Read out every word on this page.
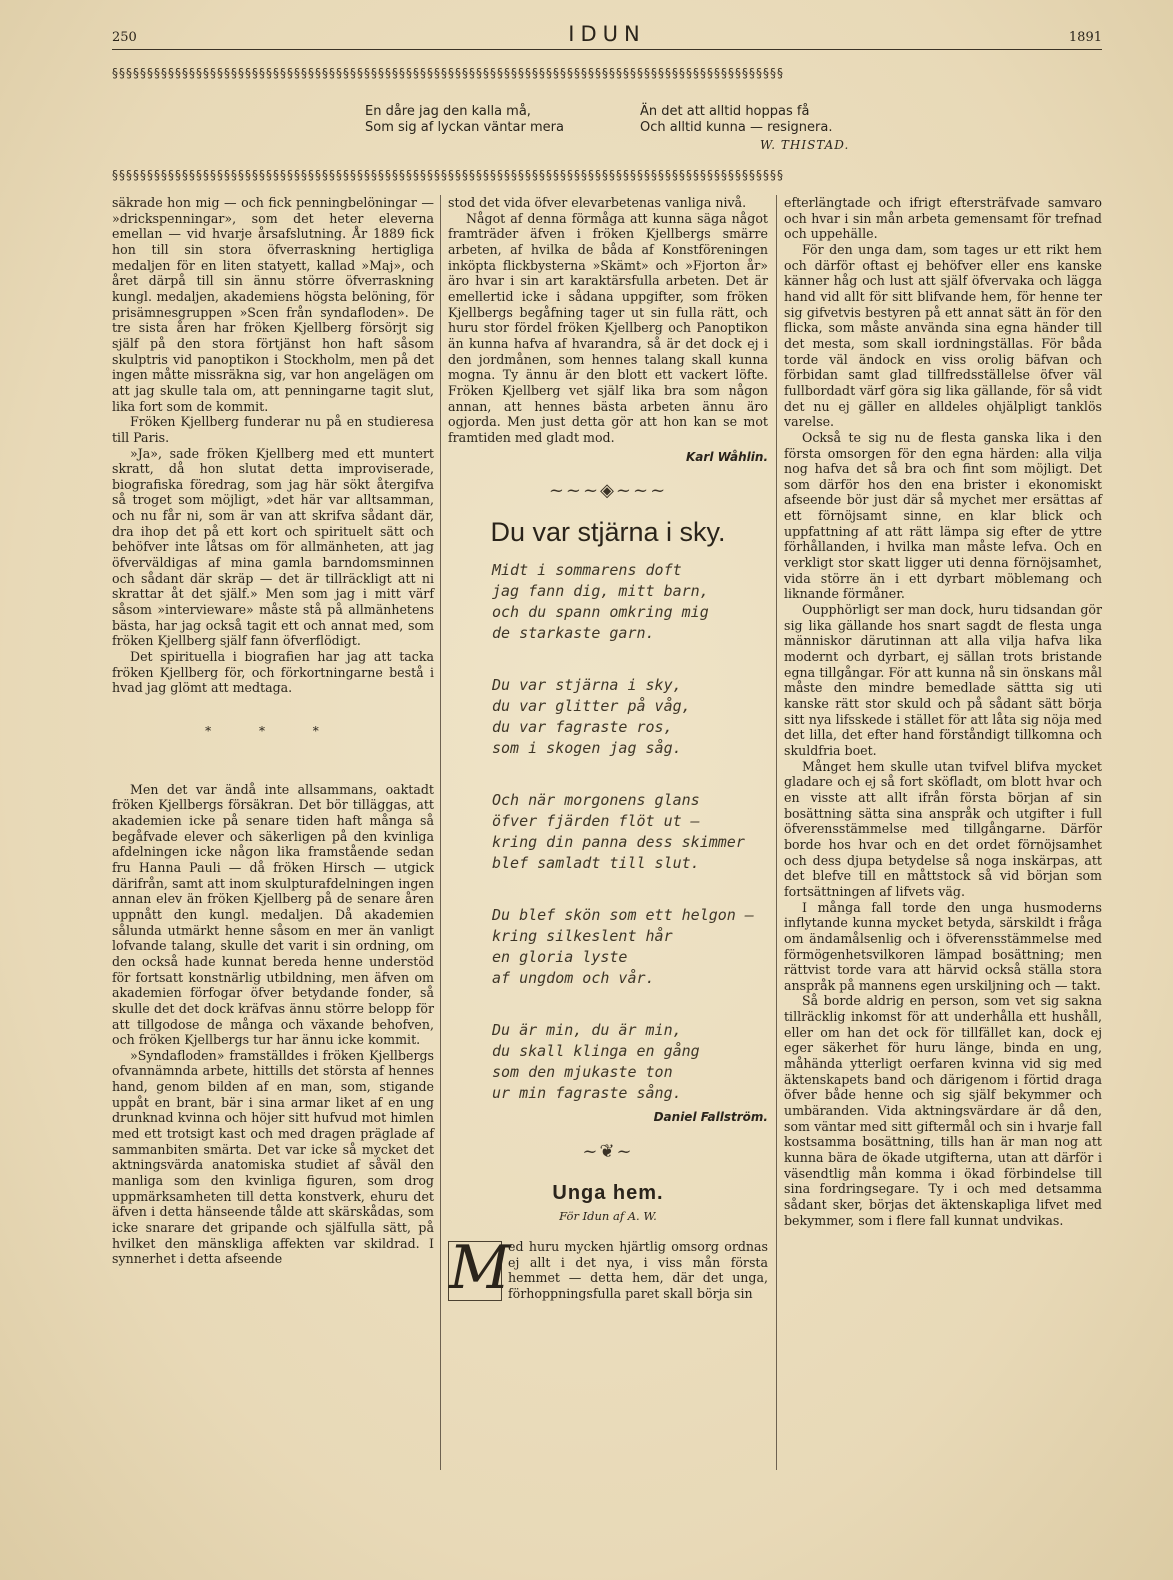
250	IDUN	1891
§§§§§§§§§§§§§§§§§§§§§§§§§§§§§§§§§§§§§§§§§§§§§§§§§§§§§§§§§§§§§§§§§§§§§§§§§§§§§§§§§§§§§§§§§§§§§§§§
En dåre jag den kalla må,
Som sig af lyckan väntar mera
Än det att alltid hoppas få
Och alltid kunna — resignera.
W. THISTAD.
§§§§§§§§§§§§§§§§§§§§§§§§§§§§§§§§§§§§§§§§§§§§§§§§§§§§§§§§§§§§§§§§§§§§§§§§§§§§§§§§§§§§§§§§§§§§§§§§

säkrade hon mig — och fick penningbelöningar — »drickspenningar», som det heter eleverna emellan — vid hvarje årsafslutning. År 1889 fick hon till sin stora öfverraskning hertigliga medaljen för en liten statyett, kallad »Maj», och året därpå till sin ännu större öfverraskning kungl. medaljen, akademiens högsta belöning, för prisämnesgruppen »Scen från syndafloden». De tre sista åren har fröken Kjellberg försörjt sig själf på den stora förtjänst hon haft såsom skulptris vid panoptikon i Stockholm, men på det ingen måtte missräkna sig, var hon angelägen om att jag skulle tala om, att penningarne tagit slut, lika fort som de kommit.

Fröken Kjellberg funderar nu på en studieresa till Paris.

»Ja», sade fröken Kjellberg med ett muntert skratt, då hon slutat detta improviserade, biografiska föredrag, som jag här sökt återgifva så troget som möjligt, »det här var alltsamman, och nu får ni, som är van att skrifva sådant där, dra ihop det på ett kort och spirituelt sätt och behöfver inte låtsas om för allmänheten, att jag öfverväldigas af mina gamla barndomsminnen och sådant där skräp — det är tillräckligt att ni skrattar åt det själf.» Men som jag i mitt värf såsom »intervieware» måste stå på allmänhetens bästa, har jag också tagit ett och annat med, som fröken Kjellberg själf fann öfverflödigt.

Det spirituella i biografien har jag att tacka fröken Kjellberg för, och förkortningarne bestå i hvad jag glömt att medtaga.

* * *

Men det var ändå inte allsammans, oaktadt fröken Kjellbergs försäkran. Det bör tilläggas, att akademien icke på senare tiden haft många så begåfvade elever och säkerligen på den kvinliga afdelningen icke någon lika framstående sedan fru Hanna Pauli — då fröken Hirsch — utgick därifrån, samt att inom skulpturafdelningen ingen annan elev än fröken Kjellberg på de senare åren uppnått den kungl. medaljen. Då akademien sålunda utmärkt henne såsom en mer än vanligt lofvande talang, skulle det varit i sin ordning, om den också hade kunnat bereda henne understöd för fortsatt konstnärlig utbildning, men äfven om akademien förfogar öfver betydande fonder, så skulle det det dock kräfvas ännu större belopp för att tillgodose de många och växande behofven, och fröken Kjellbergs tur har ännu icke kommit.

»Syndafloden» framställdes i fröken Kjellbergs ofvannämnda arbete, hittills det största af hennes hand, genom bilden af en man, som, stigande uppåt en brant, bär i sina armar liket af en ung drunknad kvinna och höjer sitt hufvud mot himlen med ett trotsigt kast och med dragen präglade af sammanbiten smärta. Det var icke så mycket det aktningsvärda anatomiska studiet af såväl den manliga som den kvinliga figuren, som drog uppmärksamheten till detta konstverk, ehuru det äfven i detta hänseende tålde att skärskådas, som icke snarare det gripande och själfulla sätt, på hvilket den mänskliga affekten var skildrad. I synnerhet i detta afseende

stod det vida öfver elevarbetenas vanliga nivå.

Något af denna förmåga att kunna säga något framträder äfven i fröken Kjellbergs smärre arbeten, af hvilka de båda af Konstföreningen inköpta flickbysterna »Skämt» och »Fjorton år» äro hvar i sin art karaktärsfulla arbeten. Det är emellertid icke i sådana uppgifter, som fröken Kjellbergs begåfning tager ut sin fulla rätt, och huru stor fördel fröken Kjellberg och Panoptikon än kunna hafva af hvarandra, så är det dock ej i den jordmånen, som hennes talang skall kunna mogna. Ty ännu är den blott ett vackert löfte. Fröken Kjellberg vet själf lika bra som någon annan, att hennes bästa arbeten ännu äro ogjorda. Men just detta gör att hon kan se mot framtiden med gladt mod.

Karl Wåhlin.
~~~◈~~~
Du var stjärna i sky.
Midt i sommarens doft
jag fann dig, mitt barn,
och du spann omkring mig
de starkaste garn.
Du var stjärna i sky,
du var glitter på våg,
du var fagraste ros,
som i skogen jag såg.
Och när morgonens glans
öfver fjärden flöt ut —
kring din panna dess skimmer
blef samladt till slut.
Du blef skön som ett helgon —
kring silkeslent hår
en gloria lyste
af ungdom och vår.
Du är min, du är min,
du skall klinga en gång
som den mjukaste ton
ur min fagraste sång.
Daniel Fallström.
~❦~
Unga hem.
För Idun af A. W.

M
ed huru mycken hjärtlig omsorg ordnas ej allt i det nya, i viss mån första hemmet — detta hem, där det unga, förhoppningsfulla paret skall börja sin

efterlängtade och ifrigt eftersträfvade samvaro och hvar i sin mån arbeta gemensamt för trefnad och uppehälle.

För den unga dam, som tages ur ett rikt hem och därför oftast ej behöfver eller ens kanske känner håg och lust att själf öfvervaka och lägga hand vid allt för sitt blifvande hem, för henne ter sig gifvetvis bestyren på ett annat sätt än för den flicka, som måste använda sina egna händer till det mesta, som skall iordningställas. För båda torde väl ändock en viss orolig bäfvan och förbidan samt glad tillfredsställelse öfver väl fullbordadt värf göra sig lika gällande, för så vidt det nu ej gäller en alldeles ohjälpligt tanklös varelse.

Också te sig nu de flesta ganska lika i den första omsorgen för den egna härden: alla vilja nog hafva det så bra och fint som möjligt. Det som därför hos den ena brister i ekonomiskt afseende bör just där så mychet mer ersättas af ett förnöjsamt sinne, en klar blick och uppfattning af att rätt lämpa sig efter de yttre förhållanden, i hvilka man måste lefva. Och en verkligt stor skatt ligger uti denna förnöjsamhet, vida större än i ett dyrbart möblemang och liknande förmåner.

Oupphörligt ser man dock, huru tidsandan gör sig lika gällande hos snart sagdt de flesta unga människor därutinnan att alla vilja hafva lika modernt och dyrbart, ej sällan trots bristande egna tillgångar. För att kunna nå sin önskans mål måste den mindre bemedlade sättta sig uti kanske rätt stor skuld och på sådant sätt börja sitt nya lifsskede i stället för att låta sig nöja med det lilla, det efter hand förståndigt tillkomna och skuldfria boet.

Månget hem skulle utan tvifvel blifva mycket gladare och ej så fort sköfladt, om blott hvar och en visste att allt ifrån första början af sin bosättning sätta sina anspråk och utgifter i full öfverensstämmelse med tillgångarne. Därför borde hos hvar och en det ordet förnöjsamhet och dess djupa betydelse så noga inskärpas, att det blefve till en måttstock så vid början som fortsättningen af lifvets väg.

I många fall torde den unga husmoderns inflytande kunna mycket betyda, särskildt i fråga om ändamålsenlig och i öfverensstämmelse med förmögenhetsvilkoren lämpad bosättning; men rättvist torde vara att härvid också ställa stora anspråk på mannens egen urskiljning och — takt.

Så borde aldrig en person, som vet sig sakna tillräcklig inkomst för att underhålla ett hushåll, eller om han det ock för tillfället kan, dock ej eger säkerhet för huru länge, binda en ung, måhända ytterligt oerfaren kvinna vid sig med äktenskapets band och därigenom i förtid draga öfver både henne och sig själf bekymmer och umbäranden. Vida aktningsvärdare är då den, som väntar med sitt giftermål och sin i hvarje fall kostsamma bosättning, tills han är man nog att kunna bära de ökade utgifterna, utan att därför i väsendtlig mån komma i ökad förbindelse till sina fordringsegare. Ty i och med detsamma sådant sker, börjas det äktenskapliga lifvet med bekymmer, som i flere fall kunnat undvikas.
